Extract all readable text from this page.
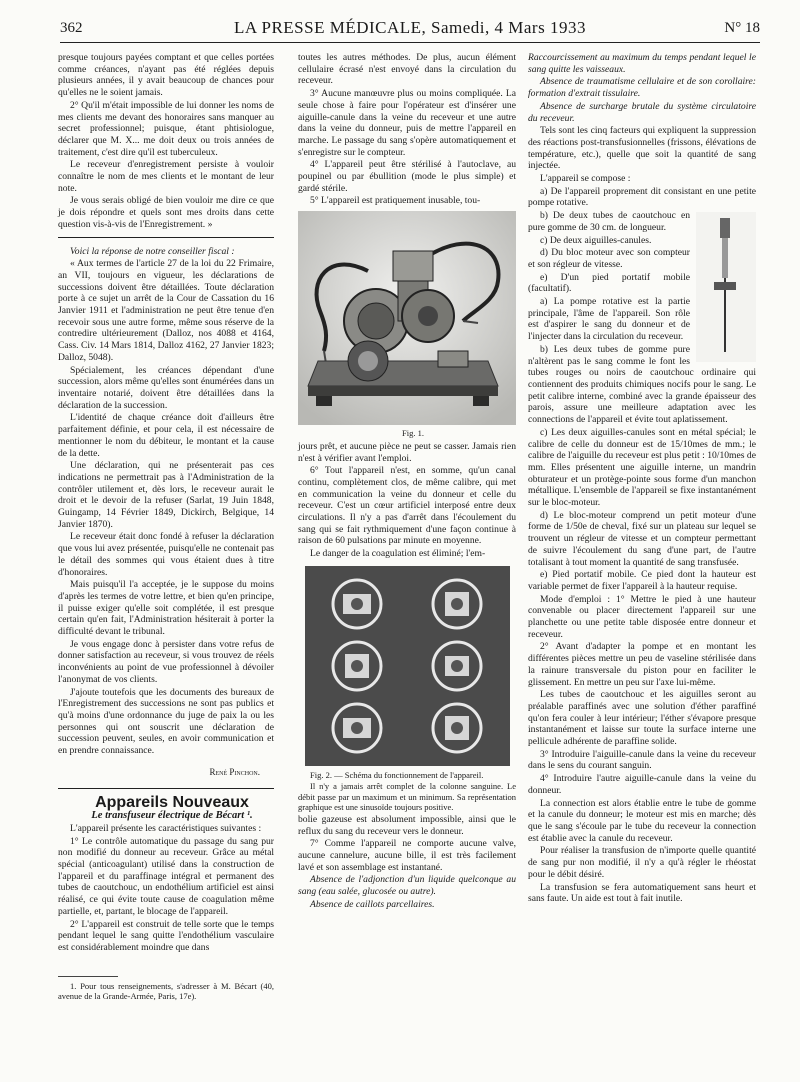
362	LA PRESSE MÉDICALE, Samedi, 4 Mars 1933	N° 18

presque toujours payées comptant et que celles portées comme créances, n'ayant pas été réglées depuis plusieurs années, il y avait beaucoup de chances pour qu'elles ne le soient jamais.

2° Qu'il m'était impossible de lui donner les noms de mes clients me devant des honoraires sans manquer au secret professionnel; puisque, étant phtisiologue, déclarer que M. X... me doit deux ou trois années de traitement, c'est dire qu'il est tuberculeux.

Le receveur d'enregistrement persiste à vouloir connaître le nom de mes clients et le montant de leur note.

Je vous serais obligé de bien vouloir me dire ce que je dois répondre et quels sont mes droits dans cette question vis-à-vis de l'Enregistrement. »

Voici la réponse de notre conseiller fiscal :

« Aux termes de l'article 27 de la loi du 22 Frimaire, an VII, toujours en vigueur, les déclarations de successions doivent être détaillées. Toute déclaration porte à ce sujet un arrêt de la Cour de Cassation du 16 Janvier 1911 et l'administration ne peut être tenue d'en recevoir sous une autre forme, même sous réserve de la contredire ultérieurement (Dalloz, nos 4088 et 4164, Cass. Civ. 14 Mars 1814, Dalloz 4162, 27 Janvier 1823; Dalloz, 5048).

Spécialement, les créances dépendant d'une succession, alors même qu'elles sont énumérées dans un inventaire notarié, doivent être détaillées dans la déclaration de la succession.

L'identité de chaque créance doit d'ailleurs être parfaitement définie, et pour cela, il est nécessaire de mentionner le nom du débiteur, le montant et la cause de la dette.

Une déclaration, qui ne présenterait pas ces indications ne permettrait pas à l'Administration de la contrôler utilement et, dès lors, le receveur aurait le droit et le devoir de la refuser (Sarlat, 19 Juin 1848, Guingamp, 14 Février 1849, Dickirch, Belgique, 14 Janvier 1870).

Le receveur était donc fondé à refuser la déclaration que vous lui avez présentée, puisqu'elle ne contenait pas le détail des sommes qui vous étaient dues à titre d'honoraires.

Mais puisqu'il l'a acceptée, je le suppose du moins d'après les termes de votre lettre, et bien qu'en principe, il puisse exiger qu'elle soit complétée, il est presque certain qu'en fait, l'Administration hésiterait à porter la difficulté devant le tribunal.

Je vous engage donc à persister dans votre refus de donner satisfaction au receveur, si vous trouvez de réels inconvénients au point de vue professionnel à dévoiler l'anonymat de vos clients.

J'ajoute toutefois que les documents des bureaux de l'Enregistrement des successions ne sont pas publics et qu'à moins d'une ordonnance du juge de paix la ou les personnes qui ont souscrit une déclaration de succession peuvent, seules, en avoir communication et en prendre connaissance.

René Pinchon.

Appareils Nouveaux

Le transfuseur électrique de Bécart ¹.

L'appareil présente les caractéristiques suivantes :

1° Le contrôle automatique du passage du sang pur non modifié du donneur au receveur. Grâce au métal spécial (anticoagulant) utilisé dans la construction de l'appareil et du paraffinage intégral et permanent des tubes de caoutchouc, un endothélium artificiel est ainsi réalisé, ce qui évite toute cause de coagulation même partielle, et, partant, le blocage de l'appareil.

2° L'appareil est construit de telle sorte que le temps pendant lequel le sang quitte l'endothélium vasculaire est considérablement moindre que dans

1. Pour tous renseignements, s'adresser à M. Bécart (40, avenue de la Grande-Armée, Paris, 17e).

toutes les autres méthodes. De plus, aucun élément cellulaire écrasé n'est envoyé dans la circulation du receveur.

3° Aucune manœuvre plus ou moins compliquée. La seule chose à faire pour l'opérateur est d'insérer une aiguille-canule dans la veine du receveur et une autre dans la veine du donneur, puis de mettre l'appareil en marche. Le passage du sang s'opère automatiquement et s'enregistre sur le compteur.

4° L'appareil peut être stérilisé à l'autoclave, au poupinel ou par ébullition (mode le plus simple) et gardé stérile.

5° L'appareil est pratiquement inusable, tou-

Fig. 1.

jours prêt, et aucune pièce ne peut se casser. Jamais rien n'est à vérifier avant l'emploi.

6° Tout l'appareil n'est, en somme, qu'un canal continu, complètement clos, de même calibre, qui met en communication la veine du donneur et celle du receveur. C'est un cœur artificiel interposé entre deux circulations. Il n'y a pas d'arrêt dans l'écoulement du sang qui se fait rythmiquement d'une façon continue à raison de 60 pulsations par minute en moyenne.

Le danger de la coagulation est éliminé; l'em-

Fig. 2. — Schéma du fonctionnement de l'appareil.

Il n'y a jamais arrêt complet de la colonne sanguine. Le débit passe par un maximum et un minimum. Sa représentation graphique est une sinusoïde toujours positive.

bolie gazeuse est absolument impossible, ainsi que le reflux du sang du receveur vers le donneur.

7° Comme l'appareil ne comporte aucune valve, aucune cannelure, aucune bille, il est très facilement lavé et son assemblage est instantané.

Absence de l'adjonction d'un liquide quelconque au sang (eau salée, glucosée ou autre).

Absence de caillots parcellaires.

Raccourcissement au maximum du temps pendant lequel le sang quitte les vaisseaux.

Absence de traumatisme cellulaire et de son corollaire: formation d'extrait tissulaire.

Absence de surcharge brutale du système circulatoire du receveur.

Tels sont les cinq facteurs qui expliquent la suppression des réactions post-transfusionnelles (frissons, élévations de température, etc.), quelle que soit la quantité de sang injectée.

L'appareil se compose :

a) De l'appareil proprement dit consistant en une petite pompe rotative.

b) De deux tubes de caoutchouc en pure gomme de 30 cm. de longueur.

c) De deux aiguilles-canules.

d) Du bloc moteur avec son compteur et son régleur de vitesse.

e) D'un pied portatif mobile (facultatif).

a) La pompe rotative est la partie principale, l'âme de l'appareil. Son rôle est d'aspirer le sang du donneur et de l'injecter dans la circulation du receveur.

b) Les deux tubes de gomme pure n'altèrent pas le sang comme le font les tubes rouges ou noirs de caoutchouc ordinaire qui contiennent des produits chimiques nocifs pour le sang. Le petit calibre interne, combiné avec la grande épaisseur des parois, assure une meilleure adaptation avec les connections de l'appareil et évite tout aplatissement.

c) Les deux aiguilles-canules sont en métal spécial; le calibre de celle du donneur est de 15/10mes de mm.; le calibre de l'aiguille du receveur est plus petit : 10/10mes de mm. Elles présentent une aiguille interne, un mandrin obturateur et un protège-pointe sous forme d'un manchon métallique. L'ensemble de l'appareil se fixe instantanément sur le bloc-moteur.

d) Le bloc-moteur comprend un petit moteur d'une forme de 1/50e de cheval, fixé sur un plateau sur lequel se trouvent un régleur de vitesse et un compteur permettant de suivre l'écoulement du sang d'une part, de l'autre totalisant à tout moment la quantité de sang transfusée.

e) Pied portatif mobile. Ce pied dont la hauteur est variable permet de fixer l'appareil à la hauteur requise.

Mode d'emploi : 1° Mettre le pied à une hauteur convenable ou placer directement l'appareil sur une planchette ou une petite table disposée entre donneur et receveur.

2° Avant d'adapter la pompe et en montant les différentes pièces mettre un peu de vaseline stérilisée dans la rainure transversale du piston pour en faciliter le glissement. En mettre un peu sur l'axe lui-même.

Les tubes de caoutchouc et les aiguilles seront au préalable paraffinés avec une solution d'éther paraffiné qu'on fera couler à leur intérieur; l'éther s'évapore presque instantanément et laisse sur toute la surface interne une pellicule adhérente de paraffine solide.

3° Introduire l'aiguille-canule dans la veine du receveur dans le sens du courant sanguin.

4° Introduire l'autre aiguille-canule dans la veine du donneur.

La connection est alors établie entre le tube de gomme et la canule du donneur; le moteur est mis en marche; dès que le sang s'écoule par le tube du receveur la connection est établie avec la canule du receveur.

Pour réaliser la transfusion de n'importe quelle quantité de sang pur non modifié, il n'y a qu'à régler le rhéostat pour le débit désiré.

La transfusion se fera automatiquement sans heurt et sans faute. Un aide est tout à fait inutile.
